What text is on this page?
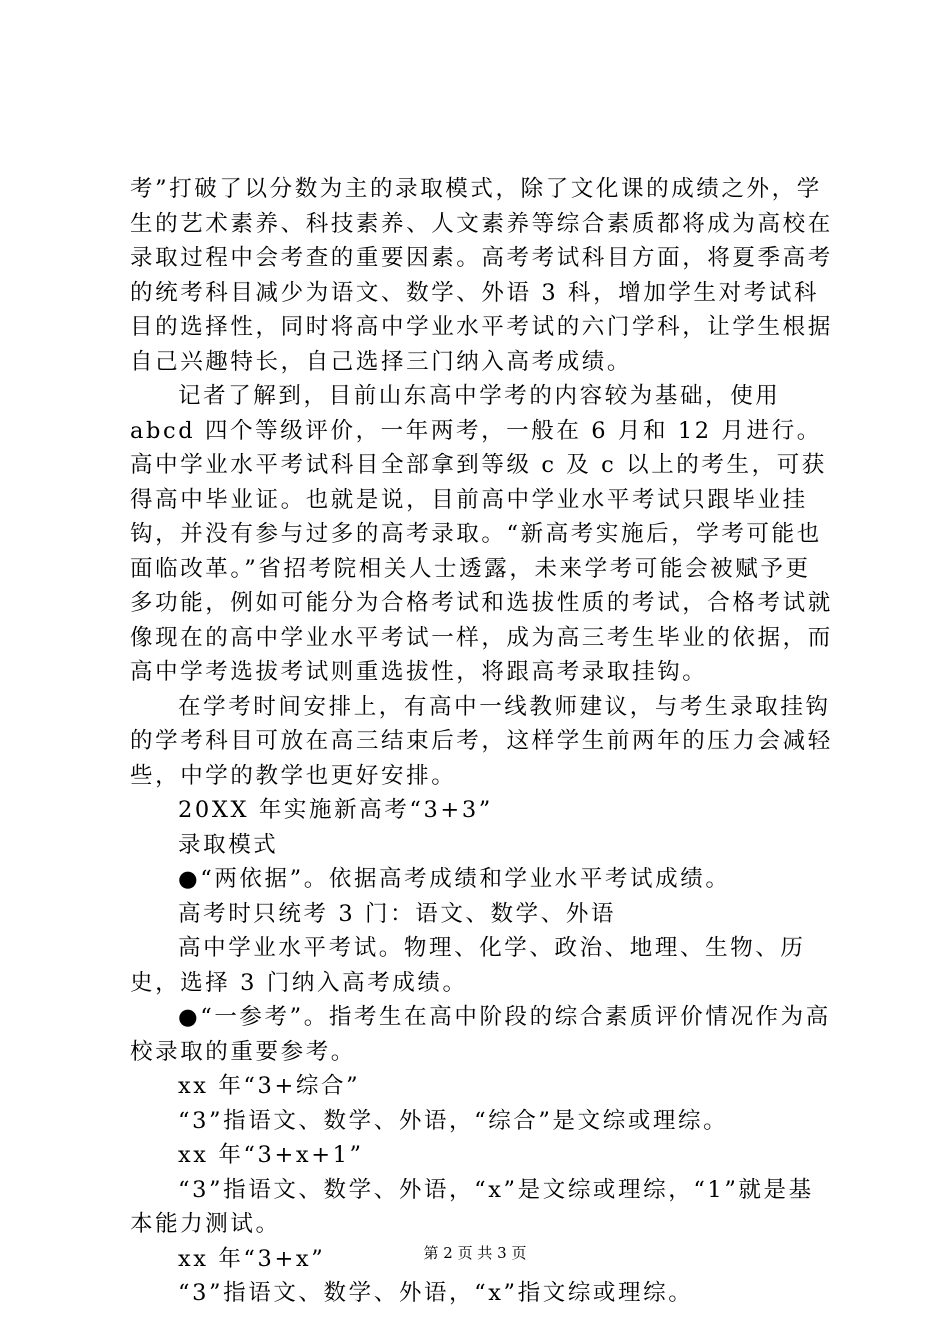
考”打破了以分数为主的录取模式，除了文化课的成绩之外，学生的艺术素养、科技素养、人文素养等综合素质都将成为高校在录取过程中会考查的重要因素。高考考试科目方面，将夏季高考的统考科目减少为语文、数学、外语 3 科，增加学生对考试科目的选择性，同时将高中学业水平考试的六门学科，让学生根据自己兴趣特长，自己选择三门纳入高考成绩。

记者了解到，目前山东高中学考的内容较为基础，使用 abcd 四个等级评价，一年两考，一般在 6 月和 12 月进行。高中学业水平考试科目全部拿到等级 c 及 c 以上的考生，可获得高中毕业证。也就是说，目前高中学业水平考试只跟毕业挂钩，并没有参与过多的高考录取。“新高考实施后，学考可能也面临改革。”省招考院相关人士透露，未来学考可能会被赋予更多功能，例如可能分为合格考试和选拔性质的考试，合格考试就像现在的高中学业水平考试一样，成为高三考生毕业的依据，而高中学考选拔考试则重选拔性，将跟高考录取挂钩。

在学考时间安排上，有高中一线教师建议，与考生录取挂钩的学考科目可放在高三结束后考，这样学生前两年的压力会减轻些，中学的教学也更好安排。

20XX 年实施新高考“3+3”

录取模式

●“两依据”。依据高考成绩和学业水平考试成绩。

高考时只统考 3 门：语文、数学、外语

高中学业水平考试。物理、化学、政治、地理、生物、历史，选择 3 门纳入高考成绩。

●“一参考”。指考生在高中阶段的综合素质评价情况作为高校录取的重要参考。

xx 年“3+综合”

“3”指语文、数学、外语，“综合”是文综或理综。

xx 年“3+x+1”

“3”指语文、数学、外语，“x”是文综或理综，“1”就是基本能力测试。

xx 年“3+x”

“3”指语文、数学、外语，“x”指文综或理综。

第 2 页 共 3 页
